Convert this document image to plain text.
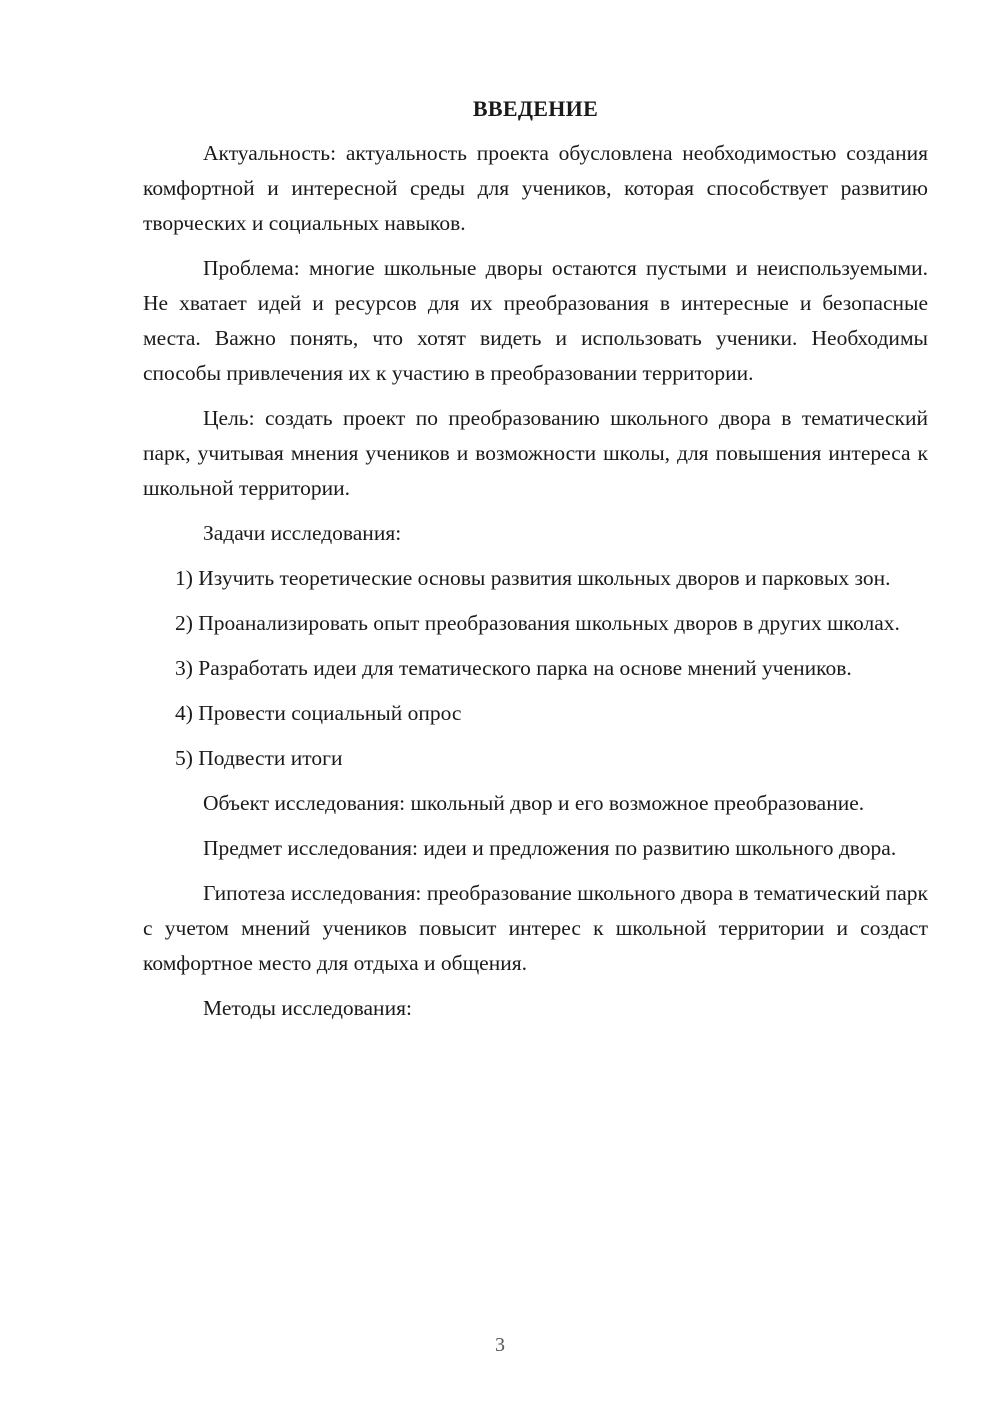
ВВЕДЕНИЕ

Актуальность: актуальность проекта обусловлена необходимостью создания комфортной и интересной среды для учеников, которая способствует развитию творческих и социальных навыков.

Проблема: многие школьные дворы остаются пустыми и неиспользуемыми. Не хватает идей и ресурсов для их преобразования в интересные и безопасные места. Важно понять, что хотят видеть и использовать ученики. Необходимы способы привлечения их к участию в преобразовании территории.

Цель: создать проект по преобразованию школьного двора в тематический парк, учитывая мнения учеников и возможности школы, для повышения интереса к школьной территории.

Задачи исследования:

1) Изучить теоретические основы развития школьных дворов и парковых зон.

2) Проанализировать опыт преобразования школьных дворов в других школах.

3) Разработать идеи для тематического парка на основе мнений учеников.

4) Провести социальный опрос

5) Подвести итоги

Объект исследования: школьный двор и его возможное преобразование.

Предмет исследования: идеи и предложения по развитию школьного двора.

Гипотеза исследования: преобразование школьного двора в тематический парк с учетом мнений учеников повысит интерес к школьной территории и создаст комфортное место для отдыха и общения.

Методы исследования:

3
